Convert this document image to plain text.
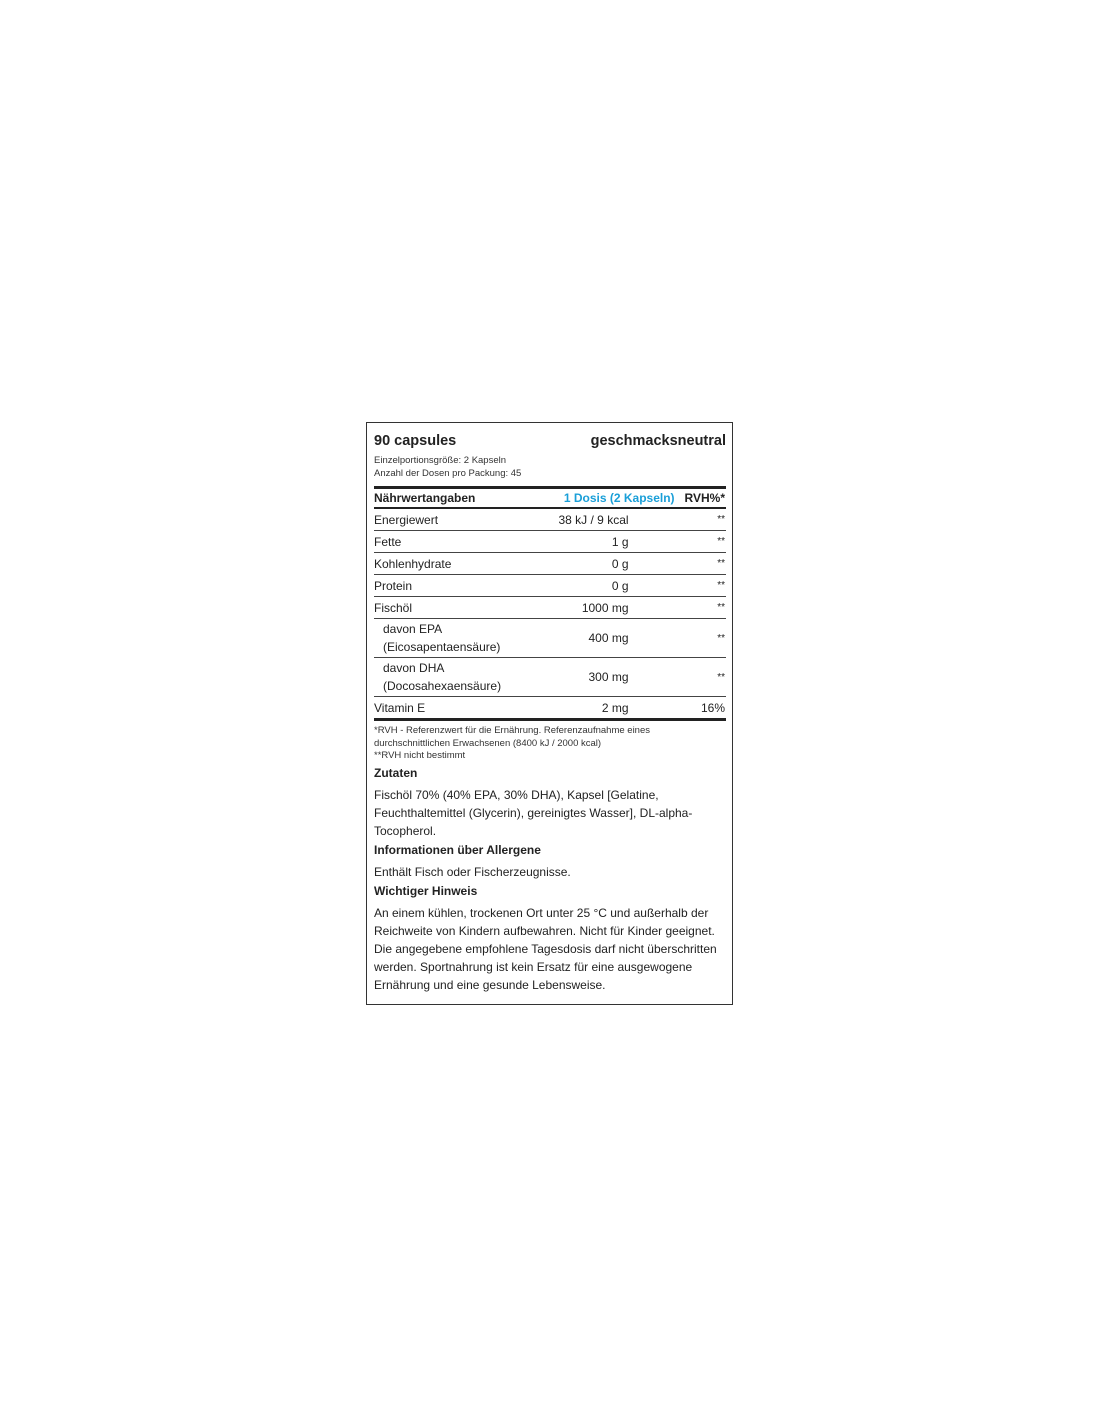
90 capsules	geschmacksneutral
Einzelportionsgröße: 2 Kapseln
Anzahl der Dosen pro Packung: 45
Nährwertangaben	1 Dosis (2 Kapseln)	RVH%*
Energiewert	38 kJ / 9 kcal	**
Fette	1 g	**
Kohlenhydrate	0 g	**
Protein	0 g	**
Fischöl	1000 mg	**

davon EPA
(Eicosapentaensäure)	400 mg	**

davon DHA
(Docosahexaensäure)	300 mg	**
Vitamin E	2 mg	16%
*RVH - Referenzwert für die Ernährung. Referenzaufnahme eines
durchschnittlichen Erwachsenen (8400 kJ / 2000 kcal)
**RVH nicht bestimmt
Zutaten
Fischöl 70% (40% EPA, 30% DHA), Kapsel [Gelatine, Feuchthaltemittel (Glycerin), gereinigtes Wasser], DL-alpha-Tocopherol.
Informationen über Allergene
Enthält Fisch oder Fischerzeugnisse.
Wichtiger Hinweis
An einem kühlen, trockenen Ort unter 25 °C und außerhalb der Reichweite von Kindern aufbewahren. Nicht für Kinder geeignet. Die angegebene empfohlene Tagesdosis darf nicht überschritten werden. Sportnahrung ist kein Ersatz für eine ausgewogene Ernährung und eine gesunde Lebensweise.
